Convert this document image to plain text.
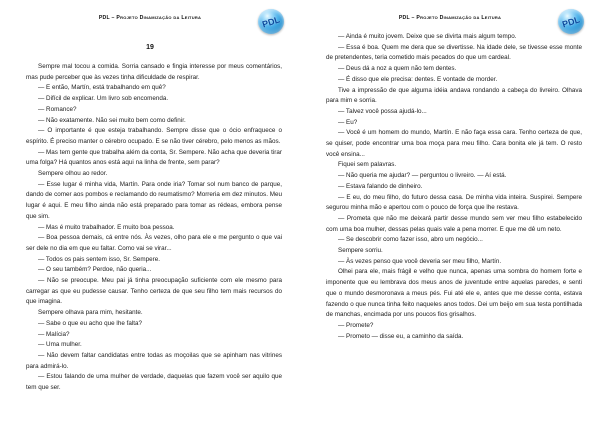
PDL – Projeto Dinamização da Leitura	PDL
19

Sempre mal tocou a comida. Sorria cansado e fingia interesse por meus comentários, mas pude perceber que às vezes tinha dificuldade de respirar.

— E então, Martín, está trabalhando em quê?

— Difícil de explicar. Um livro sob encomenda.

— Romance?

— Não exatamente. Não sei muito bem como definir.

— O importante é que esteja trabalhando. Sempre disse que o ócio enfraquece o espírito. É preciso manter o cérebro ocupado. E se não tiver cérebro, pelo menos as mãos.

— Mas tem gente que trabalha além da conta, Sr. Sempere. Não acha que deveria tirar uma folga? Há quantos anos está aqui na linha de frente, sem parar?

Sempere olhou ao redor.

— Esse lugar é minha vida, Martín. Para onde iria? Tomar sol num banco de parque, dando de comer aos pombos e reclamando do reumatismo? Morreria em dez minutos. Meu lugar é aqui. E meu filho ainda não está preparado para tomar as rédeas, embora pense que sim.

— Mas é muito trabalhador. E muito boa pessoa.

— Boa pessoa demais, cá entre nós. Às vezes, olho para ele e me pergunto o que vai ser dele no dia em que eu faltar. Como vai se virar...

— Todos os pais sentem isso, Sr. Sempere.

— O seu também? Perdoe, não queria...

— Não se preocupe. Meu pai já tinha preocupação suficiente com ele mesmo para carregar as que eu pudesse causar. Tenho certeza de que seu filho tem mais recursos do que imagina.

Sempere olhava para mim, hesitante.

— Sabe o que eu acho que lhe falta?

— Malícia?

— Uma mulher.

— Não devem faltar candidatas entre todas as moçoilas que se apinham nas vitrines para admirá-lo.

— Estou falando de uma mulher de verdade, daquelas que fazem você ser aquilo que tem que ser.

PDL – Projeto Dinamização da Leitura	PDL

— Ainda é muito jovem. Deixe que se divirta mais algum tempo.

— Essa é boa. Quem me dera que se divertisse. Na idade dele, se tivesse esse monte de pretendentes, teria cometido mais pecados do que um cardeal.

— Deus dá a noz a quem não tem dentes.

— É disso que ele precisa: dentes. E vontade de morder.

Tive a impressão de que alguma idéia andava rondando a cabeça do livreiro. Olhava para mim e sorria.

— Talvez você possa ajudá-lo...

— Eu?

— Você é um homem do mundo, Martín. E não faça essa cara. Tenho certeza de que, se quiser, pode encontrar uma boa moça para meu filho. Cara bonita ele já tem. O resto você ensina...

Fiquei sem palavras.

— Não queria me ajudar? — perguntou o livreiro. — Aí está.

— Estava falando de dinheiro.

— E eu, do meu filho, do futuro dessa casa. De minha vida inteira. Suspirei. Sempere segurou minha mão e apertou com o pouco de força que lhe restava.

— Prometa que não me deixará partir desse mundo sem ver meu filho estabelecido com uma boa mulher, dessas pelas quais vale a pena morrer. E que me dê um neto.

— Se descobrir como fazer isso, abro um negócio...

Sempere sorriu.

— Às vezes penso que você deveria ser meu filho, Martín.

Olhei para ele, mais frágil e velho que nunca, apenas uma sombra do homem forte e imponente que eu lembrava dos meus anos de juventude entre aquelas paredes, e senti que o mundo desmoronava a meus pés. Fui até ele e, antes que me desse conta, estava fazendo o que nunca tinha feito naqueles anos todos. Dei um beijo em sua testa pontilhada de manchas, encimada por uns poucos fios grisalhos.

— Promete?

— Prometo — disse eu, a caminho da saída.
